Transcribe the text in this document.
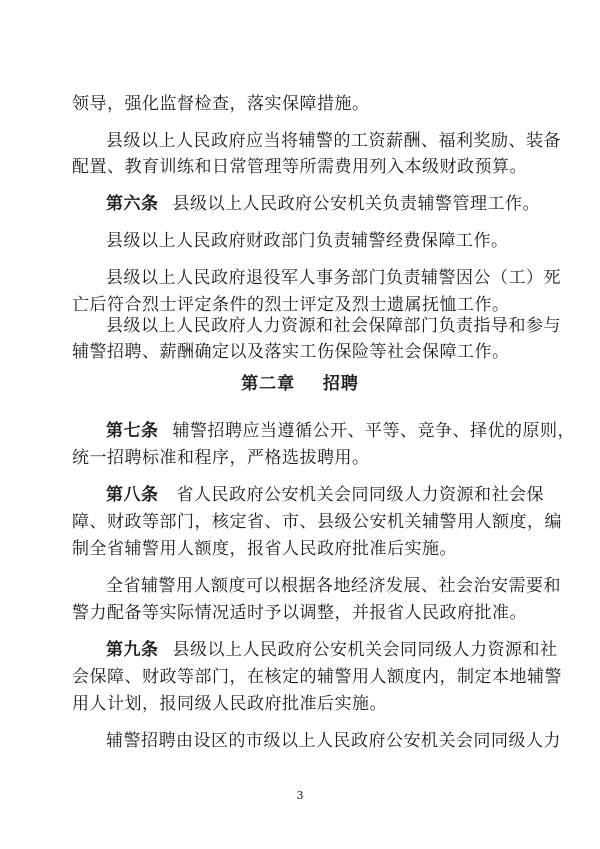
领导，强化监督检查，落实保障措施。
县级以上人民政府应当将辅警的工资薪酬、福利奖励、装备
配置、教育训练和日常管理等所需费用列入本级财政预算。
第六条 县级以上人民政府公安机关负责辅警管理工作。
县级以上人民政府财政部门负责辅警经费保障工作。
县级以上人民政府退役军人事务部门负责辅警因公（工）死
亡后符合烈士评定条件的烈士评定及烈士遗属抚恤工作。
县级以上人民政府人力资源和社会保障部门负责指导和参与
辅警招聘、薪酬确定以及落实工伤保险等社会保障工作。
第二章    招聘
第七条 辅警招聘应当遵循公开、平等、竞争、择优的原则，
统一招聘标准和程序，严格选拔聘用。
第八条 省人民政府公安机关会同同级人力资源和社会保
障、财政等部门，核定省、市、县级公安机关辅警用人额度，编
制全省辅警用人额度，报省人民政府批准后实施。
全省辅警用人额度可以根据各地经济发展、社会治安需要和
警力配备等实际情况适时予以调整，并报省人民政府批准。
第九条 县级以上人民政府公安机关会同同级人力资源和社
会保障、财政等部门，在核定的辅警用人额度内，制定本地辅警
用人计划，报同级人民政府批准后实施。
辅警招聘由设区的市级以上人民政府公安机关会同同级人力
3
